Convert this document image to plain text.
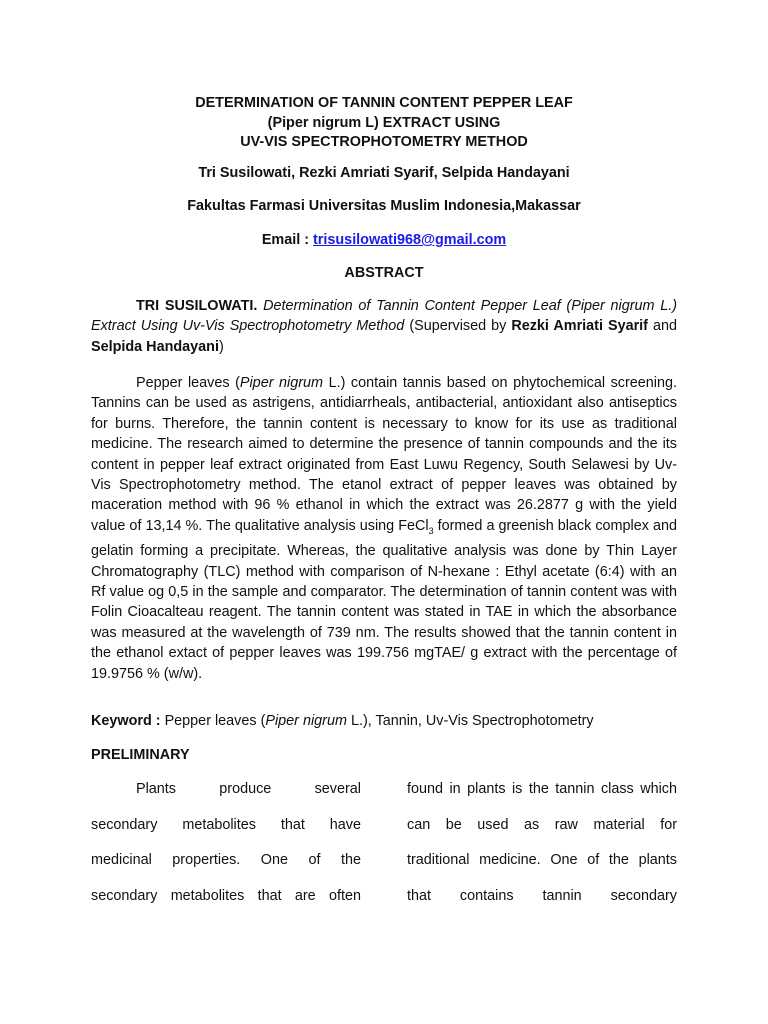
DETERMINATION OF TANNIN CONTENT PEPPER LEAF
(Piper nigrum L) EXTRACT USING
UV-VIS SPECTROPHOTOMETRY METHOD
Tri Susilowati, Rezki Amriati Syarif, Selpida Handayani
Fakultas Farmasi Universitas Muslim Indonesia,Makassar
Email : trisusilowati968@gmail.com
ABSTRACT

TRI SUSILOWATI. Determination of Tannin Content Pepper Leaf (Piper nigrum L.) Extract Using Uv-Vis Spectrophotometry Method (Supervised by Rezki Amriati Syarif and Selpida Handayani)

Pepper leaves (Piper nigrum L.) contain tannis based on phytochemical screening. Tannins can be used as astrigens, antidiarrheals, antibacterial, antioxidant also antiseptics for burns. Therefore, the tannin content is necessary to know for its use as traditional medicine. The research aimed to determine the presence of tannin compounds and the its content in pepper leaf extract originated from East Luwu Regency, South Selawesi by Uv-Vis Spectrophotometry method. The etanol extract of pepper leaves was obtained by maceration method with 96 % ethanol in which the extract was 26.2877 g with the yield value of 13,14 %. The qualitative analysis using FeCl$_3$ formed a greenish black complex and gelatin forming a precipitate. Whereas, the qualitative analysis was done by Thin Layer Chromatography (TLC) method with comparison of N-hexane : Ethyl acetate (6:4) with an Rf value og 0,5 in the sample and comparator. The determination of tannin content was with Folin Cioacalteau reagent. The tannin content was stated in TAE in which the absorbance was measured at the wavelength of 739 nm. The results showed that the tannin content in the ethanol extact of pepper leaves was 199.756 mgTAE/ g extract with the percentage of 19.9756 % (w/w).

Keyword : Pepper leaves (Piper nigrum L.), Tannin, Uv-Vis Spectrophotometry
PRELIMINARY
Plants produce several
secondary metabolites that have
medicinal properties. One of the
secondary metabolites that are often
found in plants is the tannin class which
can be used as raw material for
traditional medicine. One of the plants
that contains tannin secondary
